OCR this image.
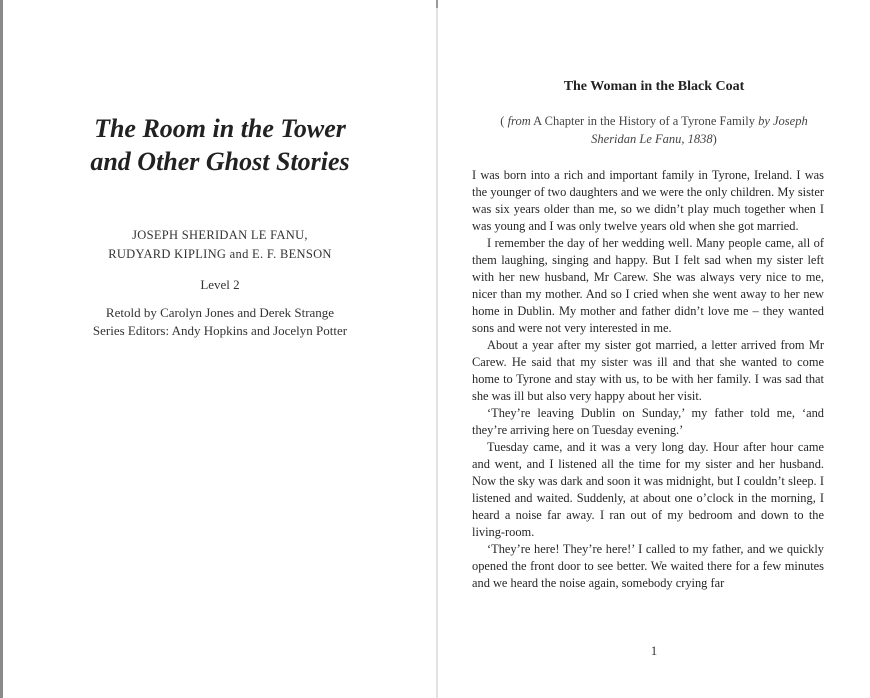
The Room in the Tower
and Other Ghost Stories
JOSEPH SHERIDAN LE FANU,
RUDYARD KIPLING and E. F. BENSON
Level 2
Retold by Carolyn Jones and Derek Strange
Series Editors: Andy Hopkins and Jocelyn Potter
The Woman in the Black Coat
( from A Chapter in the History of a Tyrone Family by Joseph Sheridan Le Fanu, 1838)

I was born into a rich and important family in Tyrone, Ireland. I was the younger of two daughters and we were the only children. My sister was six years older than me, so we didn’t play much together when I was young and I was only twelve years old when she got married.

I remember the day of her wedding well. Many people came, all of them laughing, singing and happy. But I felt sad when my sister left with her new husband, Mr Carew. She was always very nice to me, nicer than my mother. And so I cried when she went away to her new home in Dublin. My mother and father didn’t love me – they wanted sons and were not very interested in me.

About a year after my sister got married, a letter arrived from Mr Carew. He said that my sister was ill and that she wanted to come home to Tyrone and stay with us, to be with her family. I was sad that she was ill but also very happy about her visit.

‘They’re leaving Dublin on Sunday,’ my father told me, ‘and they’re arriving here on Tuesday evening.’

Tuesday came, and it was a very long day. Hour after hour came and went, and I listened all the time for my sister and her husband. Now the sky was dark and soon it was midnight, but I couldn’t sleep. I listened and waited. Suddenly, at about one o’clock in the morning, I heard a noise far away. I ran out of my bedroom and down to the living-room.

‘They’re here! They’re here!’ I called to my father, and we quickly opened the front door to see better. We waited there for a few minutes and we heard the noise again, somebody crying far

1
